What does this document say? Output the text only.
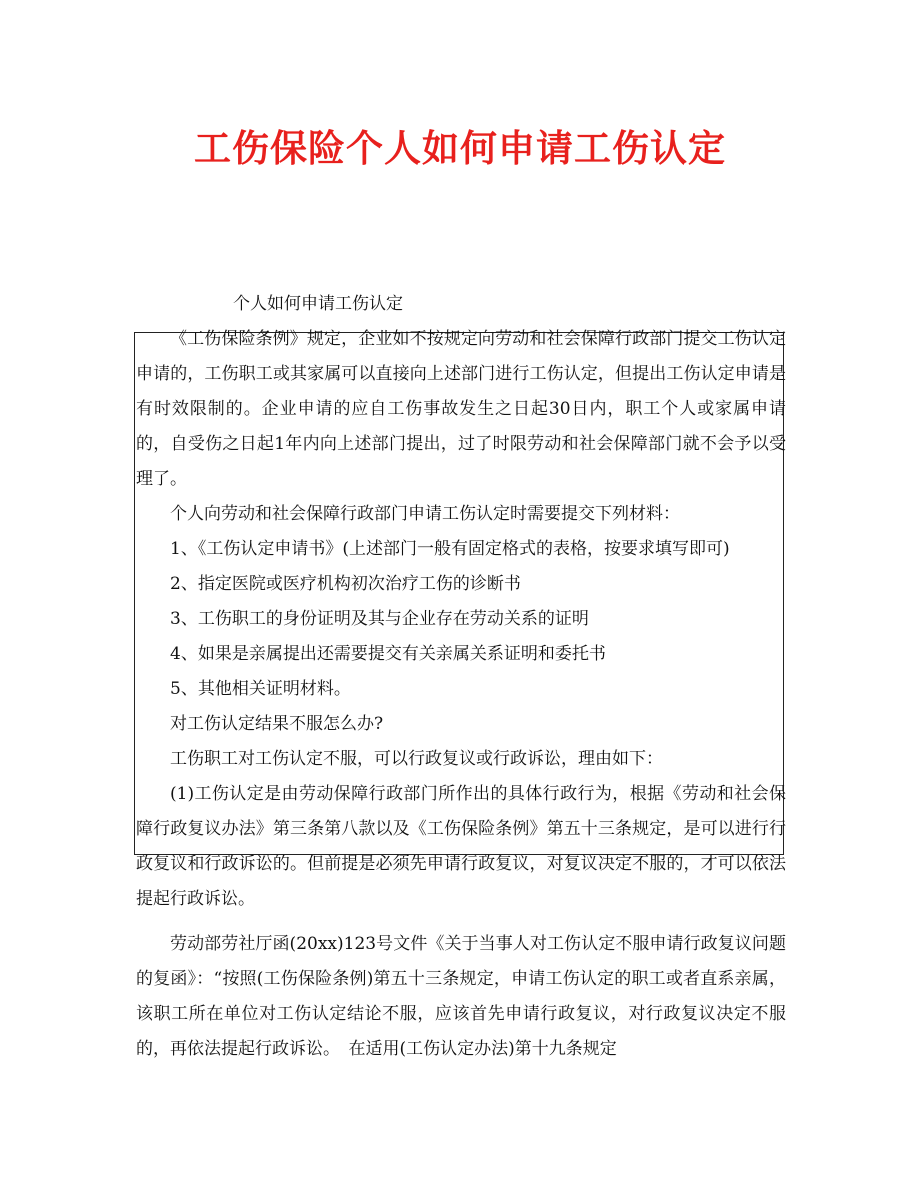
工伤保险个人如何申请工伤认定

个人如何申请工伤认定

《工伤保险条例》规定，企业如不按规定向劳动和社会保障行政部门提交工伤认定申请的，工伤职工或其家属可以直接向上述部门进行工伤认定，但提出工伤认定申请是有时效限制的。企业申请的应自工伤事故发生之日起30日内，职工个人或家属申请的，自受伤之日起1年内向上述部门提出，过了时限劳动和社会保障部门就不会予以受理了。

个人向劳动和社会保障行政部门申请工伤认定时需要提交下列材料：

1、《工伤认定申请书》(上述部门一般有固定格式的表格，按要求填写即可)

2、指定医院或医疗机构初次治疗工伤的诊断书

3、工伤职工的身份证明及其与企业存在劳动关系的证明

4、如果是亲属提出还需要提交有关亲属关系证明和委托书

5、其他相关证明材料。

对工伤认定结果不服怎么办?

工伤职工对工伤认定不服，可以行政复议或行政诉讼，理由如下：

(1)工伤认定是由劳动保障行政部门所作出的具体行政行为，根据《劳动和社会保障行政复议办法》第三条第八款以及《工伤保险条例》第五十三条规定，是可以进行行政复议和行政诉讼的。但前提是必须先申请行政复议，对复议决定不服的，才可以依法提起行政诉讼。

劳动部劳社厅函(20xx)123号文件《关于当事人对工伤认定不服申请行政复议问题的复函》：“按照(工伤保险条例)第五十三条规定，申请工伤认定的职工或者直系亲属，该职工所在单位对工伤认定结论不服，应该首先申请行政复议，对行政复议决定不服的，再依法提起行政诉讼。　在适用(工伤认定办法)第十九条规定
